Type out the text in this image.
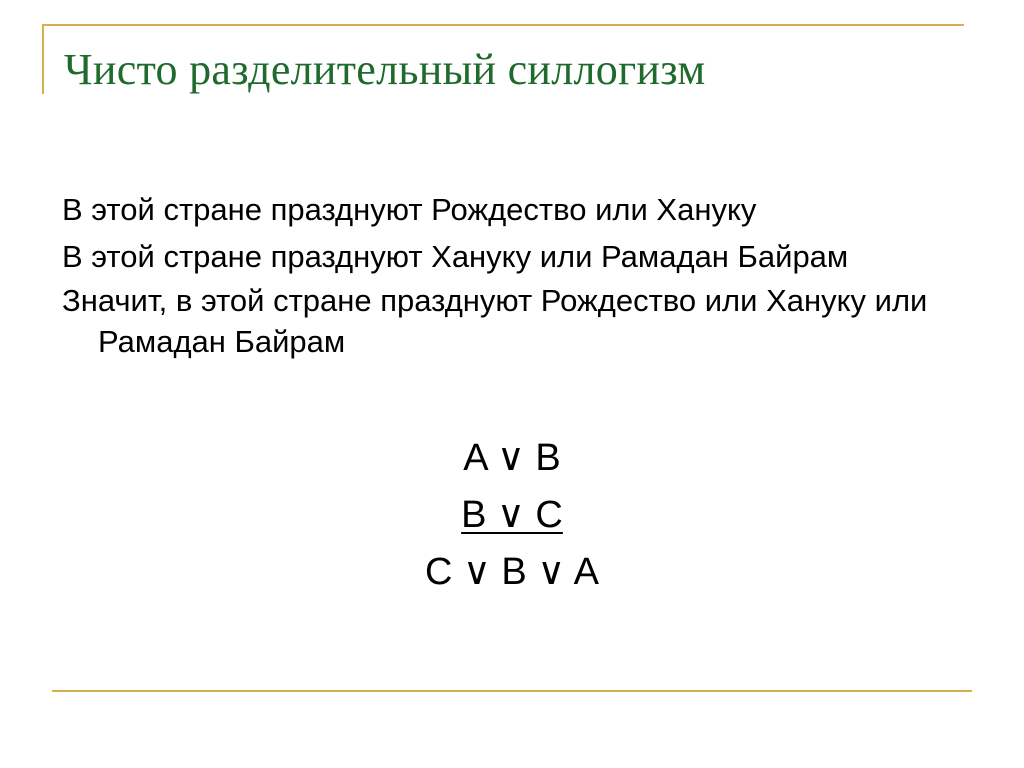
Чисто разделительный силлогизм
В этой стране празднуют Рождество или Хануку
В этой стране празднуют Хануку или Рамадан Байрам
Значит, в этой стране празднуют Рождество или Хануку или Рамадан Байрам
A ∨ B
B ∨ C
C ∨ B ∨ A
